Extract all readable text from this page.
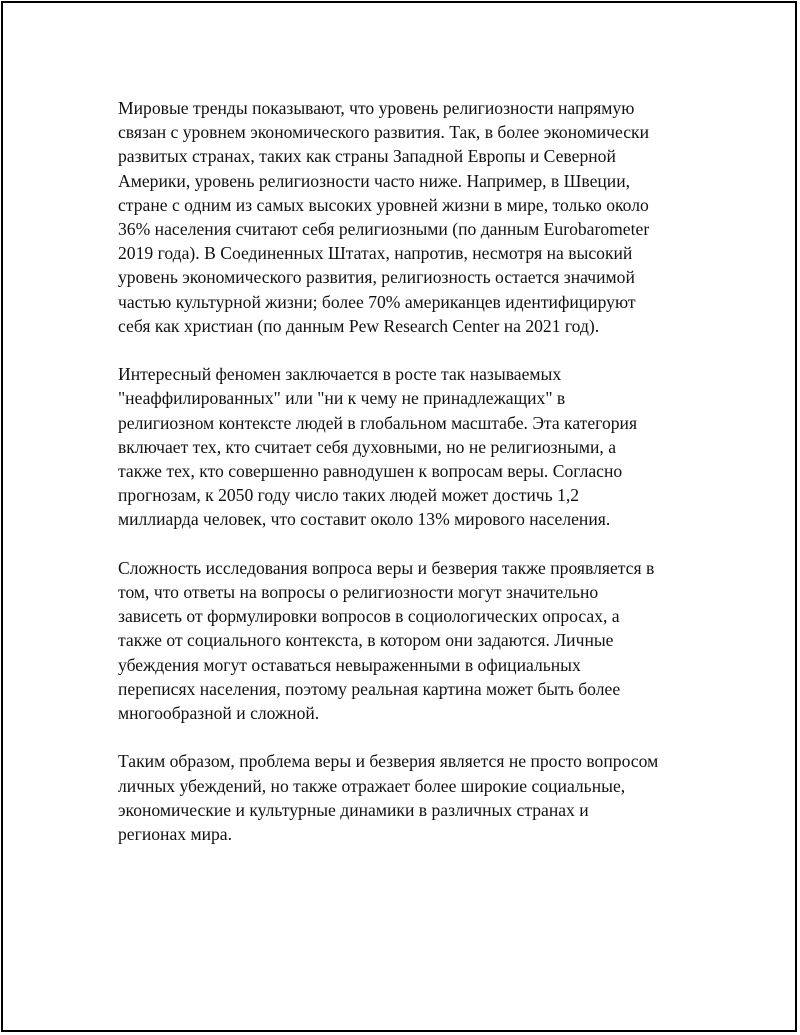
Мировые тренды показывают, что уровень религиозности напрямую
связан с уровнем экономического развития. Так, в более экономически
развитых странах, таких как страны Западной Европы и Северной
Америки, уровень религиозности часто ниже. Например, в Швеции,
стране с одним из самых высоких уровней жизни в мире, только около
36% населения считают себя религиозными (по данным Eurobarometer
2019 года). В Соединенных Штатах, напротив, несмотря на высокий
уровень экономического развития, религиозность остается значимой
частью культурной жизни; более 70% американцев идентифицируют
себя как христиан (по данным Pew Research Center на 2021 год).

Интересный феномен заключается в росте так называемых
"неаффилированных" или "ни к чему не принадлежащих" в
религиозном контексте людей в глобальном масштабе. Эта категория
включает тех, кто считает себя духовными, но не религиозными, а
также тех, кто совершенно равнодушен к вопросам веры. Согласно
прогнозам, к 2050 году число таких людей может достичь 1,2
миллиарда человек, что составит около 13% мирового населения.

Сложность исследования вопроса веры и безверия также проявляется в
том, что ответы на вопросы о религиозности могут значительно
зависеть от формулировки вопросов в социологических опросах, а
также от социального контекста, в котором они задаются. Личные
убеждения могут оставаться невыраженными в официальных
переписях населения, поэтому реальная картина может быть более
многообразной и сложной.

Таким образом, проблема веры и безверия является не просто вопросом
личных убеждений, но также отражает более широкие социальные,
экономические и культурные динамики в различных странах и
регионах мира.
